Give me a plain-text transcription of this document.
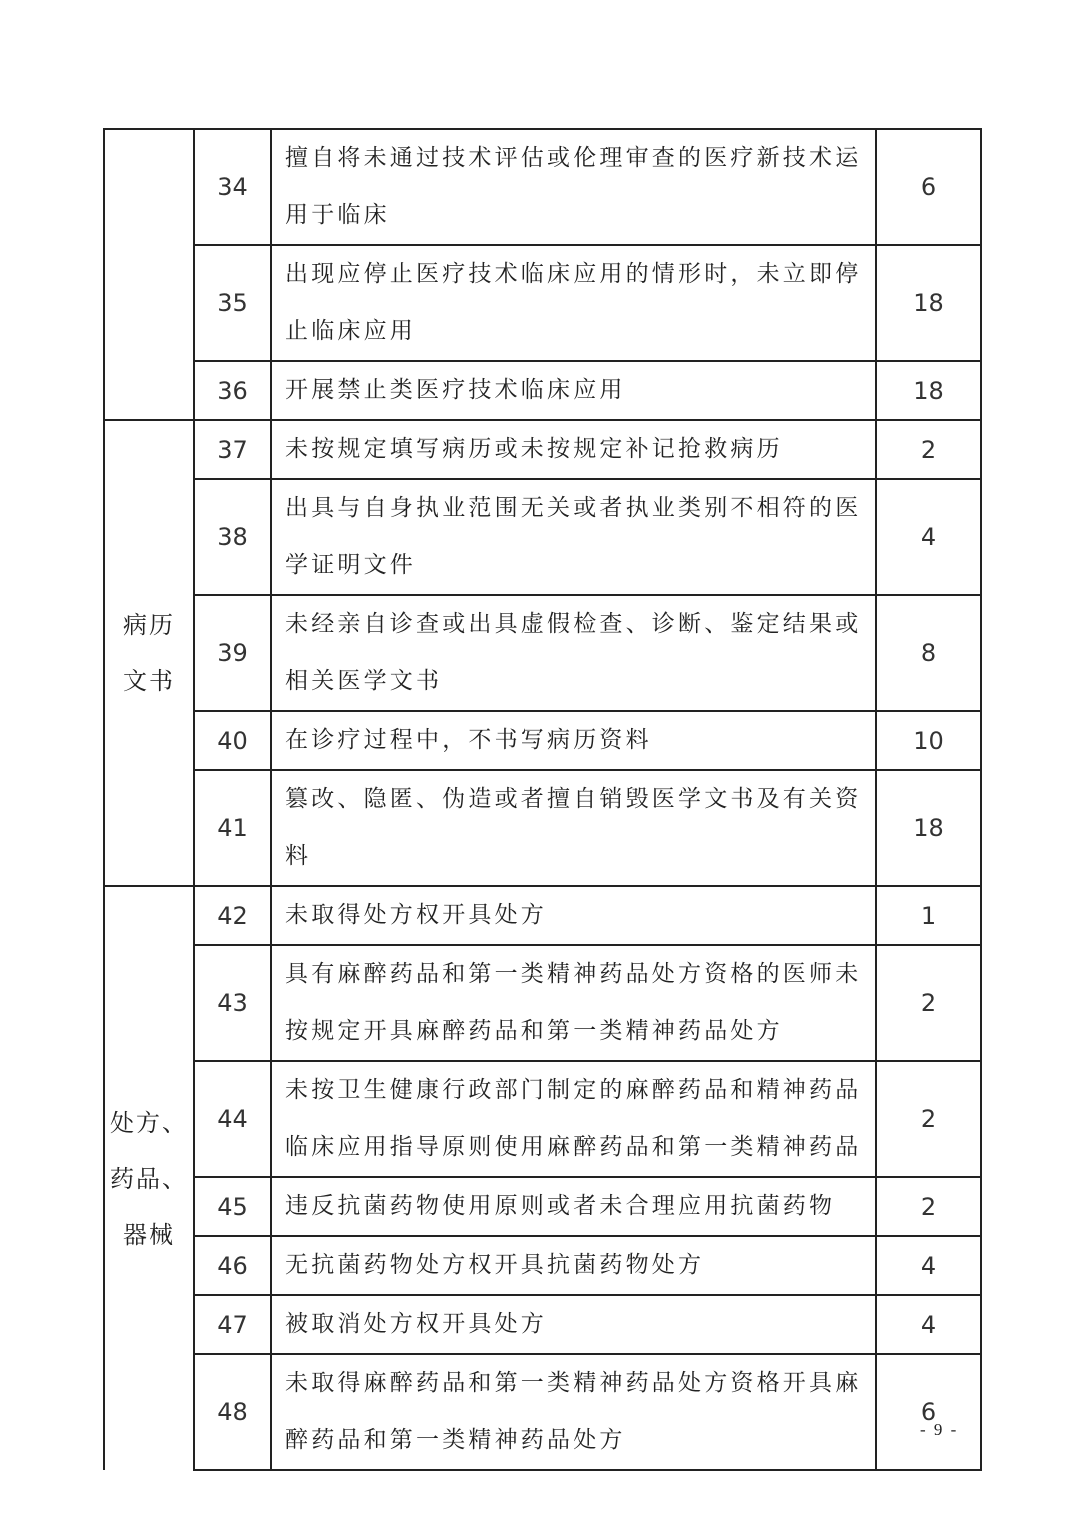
	34	擅自将未通过技术评估或伦理审查的医疗新技术运用于临床	6
	35	出现应停止医疗技术临床应用的情形时，未立即停止临床应用	18
	36	开展禁止类医疗技术临床应用	18

病历
文书	37	未按规定填写病历或未按规定补记抢救病历	2
	38	出具与自身执业范围无关或者执业类别不相符的医学证明文件	4
	39	未经亲自诊查或出具虚假检查、诊断、鉴定结果或相关医学文书	8
	40	在诊疗过程中，不书写病历资料	10
	41	篡改、隐匿、伪造或者擅自销毁医学文书及有关资料	18

处方、
药品、
器械	42	未取得处方权开具处方	1
	43	具有麻醉药品和第一类精神药品处方资格的医师未按规定开具麻醉药品和第一类精神药品处方	2
	44	未按卫生健康行政部门制定的麻醉药品和精神药品临床应用指导原则使用麻醉药品和第一类精神药品	2
	45	违反抗菌药物使用原则或者未合理应用抗菌药物	2
	46	无抗菌药物处方权开具抗菌药物处方	4
	47	被取消处方权开具处方	4
	48	未取得麻醉药品和第一类精神药品处方资格开具麻醉药品和第一类精神药品处方	6
- 9 -
